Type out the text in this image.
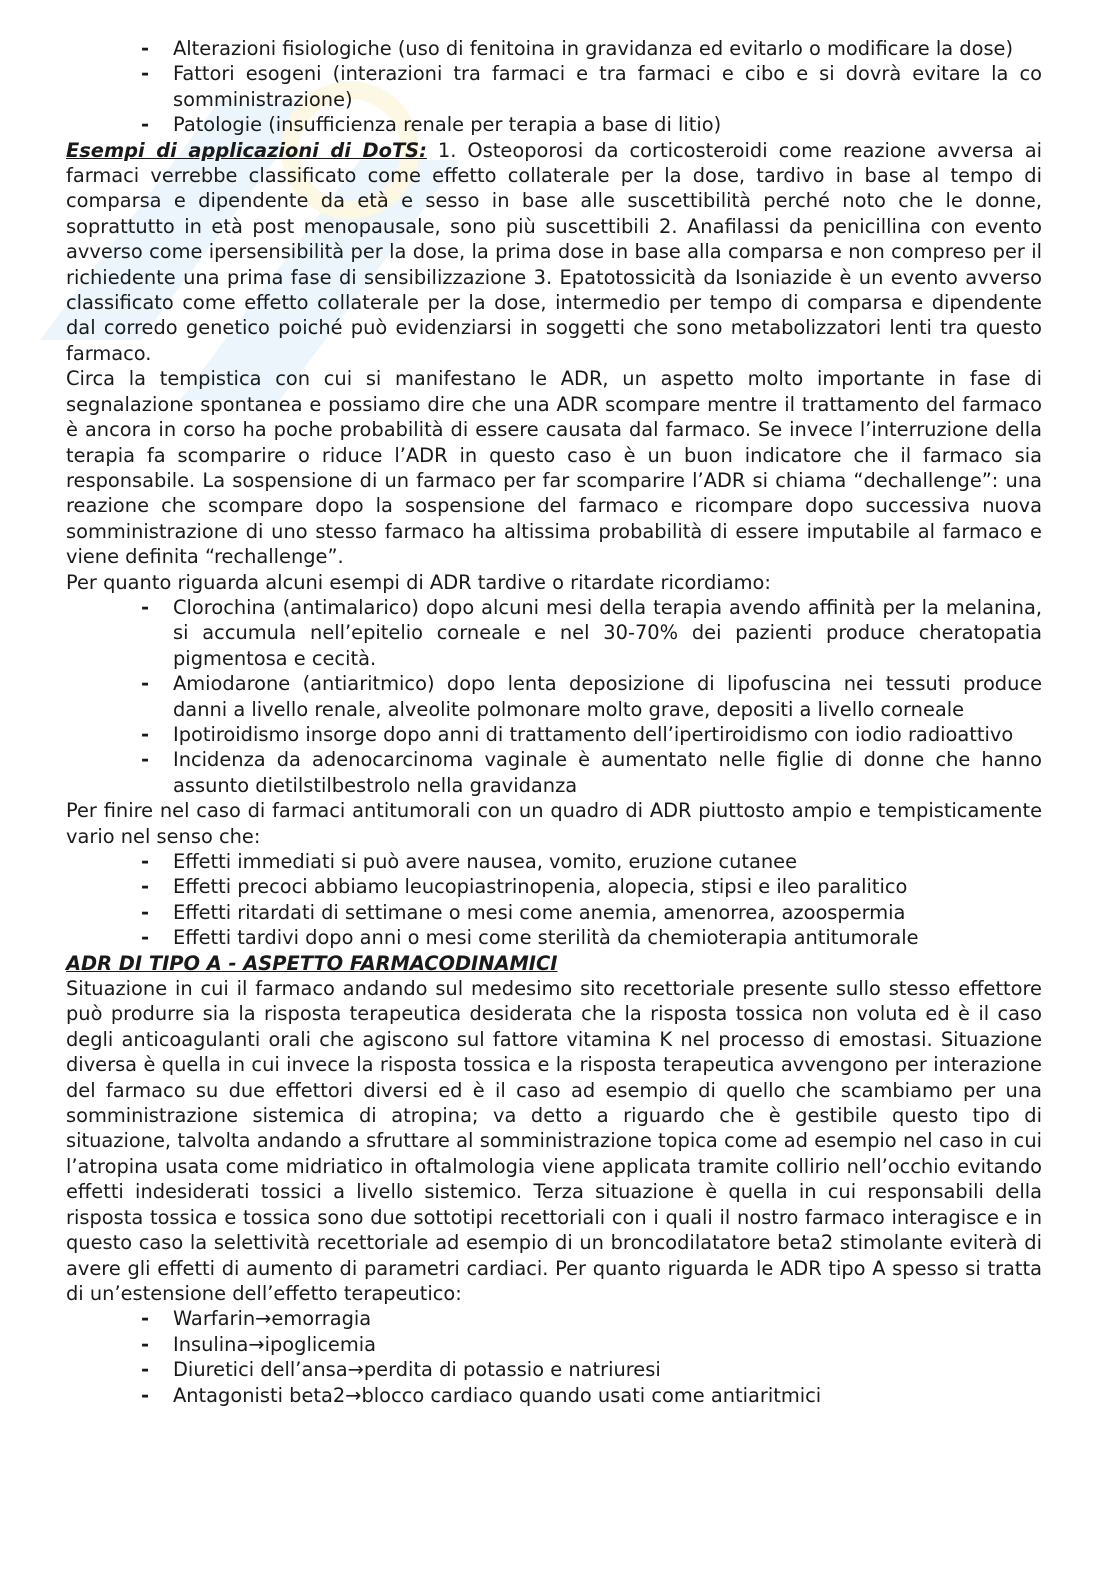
- Alterazioni fisiologiche (uso di fenitoina in gravidanza ed evitarlo o modificare la dose)
- Fattori esogeni (interazioni tra farmaci e tra farmaci e cibo e si dovrà evitare la co somministrazione)
- Patologie (insufficienza renale per terapia a base di litio)

Esempi di applicazioni di DoTS: 1. Osteoporosi da corticosteroidi come reazione avversa ai farmaci verrebbe classificato come effetto collaterale per la dose, tardivo in base al tempo di comparsa e dipendente da età e sesso in base alle suscettibilità perché noto che le donne, soprattutto in età post menopausale, sono più suscettibili 2. Anafilassi da penicillina con evento avverso come ipersensibilità per la dose, la prima dose in base alla comparsa e non compreso per il richiedente una prima fase di sensibilizzazione 3. Epatotossicità da Isoniazide è un evento avverso classificato come effetto collaterale per la dose, intermedio per tempo di comparsa e dipendente dal corredo genetico poiché può evidenziarsi in soggetti che sono metabolizzatori lenti tra questo farmaco.

Circa la tempistica con cui si manifestano le ADR, un aspetto molto importante in fase di segnalazione spontanea e possiamo dire che una ADR scompare mentre il trattamento del farmaco è ancora in corso ha poche probabilità di essere causata dal farmaco. Se invece l’interruzione della terapia fa scomparire o riduce l’ADR in questo caso è un buon indicatore che il farmaco sia responsabile. La sospensione di un farmaco per far scomparire l’ADR si chiama “dechallenge”: una reazione che scompare dopo la sospensione del farmaco e ricompare dopo successiva nuova somministrazione di uno stesso farmaco ha altissima probabilità di essere imputabile al farmaco e viene definita “rechallenge”.

Per quanto riguarda alcuni esempi di ADR tardive o ritardate ricordiamo:

- Clorochina (antimalarico) dopo alcuni mesi della terapia avendo affinità per la melanina, si accumula nell’epitelio corneale e nel 30-70% dei pazienti produce cheratopatia pigmentosa e cecità.
- Amiodarone (antiaritmico) dopo lenta deposizione di lipofuscina nei tessuti produce danni a livello renale, alveolite polmonare molto grave, depositi a livello corneale
- Ipotiroidismo insorge dopo anni di trattamento dell’ipertiroidismo con iodio radioattivo
- Incidenza da adenocarcinoma vaginale è aumentato nelle figlie di donne che hanno assunto dietilstilbestrolo nella gravidanza

Per finire nel caso di farmaci antitumorali con un quadro di ADR piuttosto ampio e tempisticamente vario nel senso che:

- Effetti immediati si può avere nausea, vomito, eruzione cutanee
- Effetti precoci abbiamo leucopiastrinopenia, alopecia, stipsi e ileo paralitico
- Effetti ritardati di settimane o mesi come anemia, amenorrea, azoospermia
- Effetti tardivi dopo anni o mesi come sterilità da chemioterapia antitumorale

ADR DI TIPO A - ASPETTO FARMACODINAMICI

Situazione in cui il farmaco andando sul medesimo sito recettoriale presente sullo stesso effettore può produrre sia la risposta terapeutica desiderata che la risposta tossica non voluta ed è il caso degli anticoagulanti orali che agiscono sul fattore vitamina K nel processo di emostasi. Situazione diversa è quella in cui invece la risposta tossica e la risposta terapeutica avvengono per interazione del farmaco su due effettori diversi ed è il caso ad esempio di quello che scambiamo per una somministrazione sistemica di atropina; va detto a riguardo che è gestibile questo tipo di situazione, talvolta andando a sfruttare al somministrazione topica come ad esempio nel caso in cui l’atropina usata come midriatico in oftalmologia viene applicata tramite collirio nell’occhio evitando effetti indesiderati tossici a livello sistemico. Terza situazione è quella in cui responsabili della risposta tossica e tossica sono due sottotipi recettoriali con i quali il nostro farmaco interagisce e in questo caso la selettività recettoriale ad esempio di un broncodilatatore beta2 stimolante eviterà di avere gli effetti di aumento di parametri cardiaci. Per quanto riguarda le ADR tipo A spesso si tratta di un’estensione dell’effetto terapeutico:

- Warfarin→emorragia
- Insulina→ipoglicemia
- Diuretici dell’ansa→perdita di potassio e natriuresi
- Antagonisti beta2→blocco cardiaco quando usati come antiaritmici
